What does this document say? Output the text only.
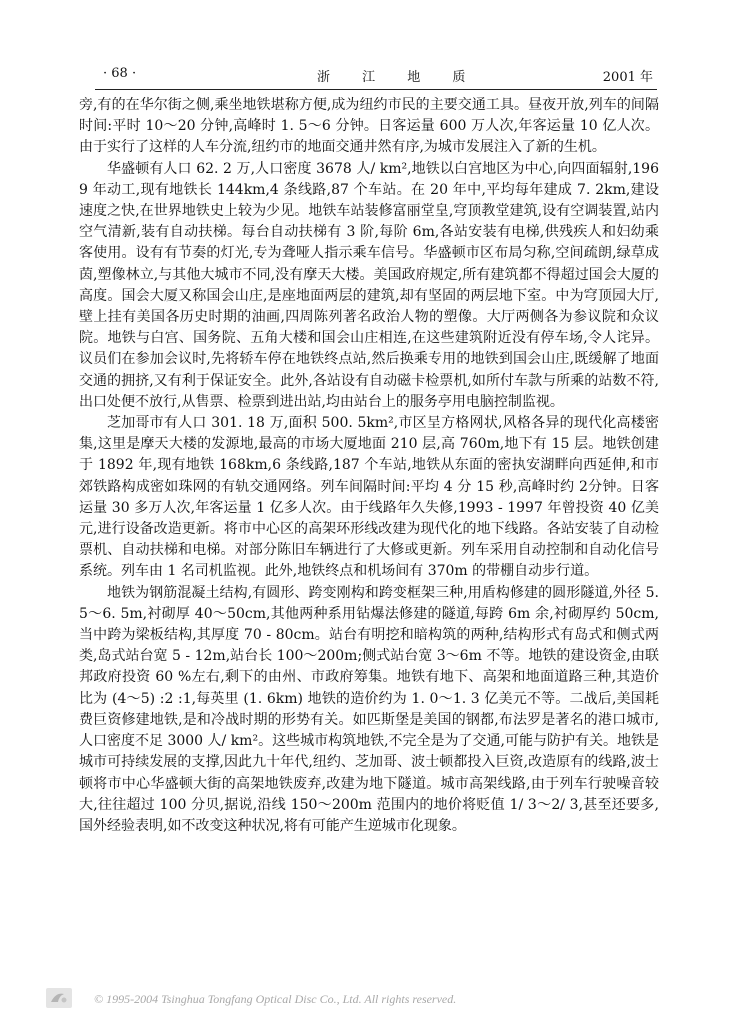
· 68 ·	浙 江 地 质	2001 年

旁,有的在华尔街之侧,乘坐地铁堪称方便,成为纽约市民的主要交通工具。昼夜开放,列车的间隔时间:平时 10～20 分钟,高峰时 1. 5～6 分钟。日客运量 600 万人次,年客运量 10 亿人次。由于实行了这样的人车分流,纽约市的地面交通井然有序,为城市发展注入了新的生机。

华盛顿有人口 62. 2 万,人口密度 3678 人/ km²,地铁以白宫地区为中心,向四面辐射,1969 年动工,现有地铁长 144km,4 条线路,87 个车站。在 20 年中,平均每年建成 7. 2km,建设速度之快,在世界地铁史上较为少见。地铁车站装修富丽堂皇,穹顶教堂建筑,设有空调装置,站内空气清新,装有自动扶梯。每台自动扶梯有 3 阶,每阶 6m,各站安装有电梯,供残疾人和妇幼乘客使用。设有有节奏的灯光,专为聋哑人指示乘车信号。华盛顿市区布局匀称,空间疏朗,绿草成茵,塑像林立,与其他大城市不同,没有摩天大楼。美国政府规定,所有建筑都不得超过国会大厦的高度。国会大厦又称国会山庄,是座地面两层的建筑,却有坚固的两层地下室。中为穹顶园大厅,壁上挂有美国各历史时期的油画,四周陈列著名政治人物的塑像。大厅两侧各为参议院和众议院。地铁与白宫、国务院、五角大楼和国会山庄相连,在这些建筑附近没有停车场,令人诧异。议员们在参加会议时,先将轿车停在地铁终点站,然后换乘专用的地铁到国会山庄,既缓解了地面交通的拥挤,又有利于保证安全。此外,各站设有自动磁卡检票机,如所付车款与所乘的站数不符,出口处便不放行,从售票、检票到进出站,均由站台上的服务亭用电脑控制监视。

芝加哥市有人口 301. 18 万,面积 500. 5km²,市区呈方格网状,风格各异的现代化高楼密集,这里是摩天大楼的发源地,最高的市场大厦地面 210 层,高 760m,地下有 15 层。地铁创建于 1892 年,现有地铁 168km,6 条线路,187 个车站,地铁从东面的密执安湖畔向西延伸,和市郊铁路构成密如珠网的有轨交通网络。列车间隔时间:平均 4 分 15 秒,高峰时约 2分钟。日客运量 30 多万人次,年客运量 1 亿多人次。由于线路年久失修,1993 - 1997 年曾投资 40 亿美元,进行设备改造更新。将市中心区的高架环形线改建为现代化的地下线路。各站安装了自动检票机、自动扶梯和电梯。对部分陈旧车辆进行了大修或更新。列车采用自动控制和自动化信号系统。列车由 1 名司机监视。此外,地铁终点和机场间有 370m 的带棚自动步行道。

地铁为钢筋混凝土结构,有圆形、跨变刚构和跨变框架三种,用盾构修建的圆形隧道,外径 5. 5～6. 5m,衬砌厚 40～50cm,其他两种系用钻爆法修建的隧道,每跨 6m 余,衬砌厚约 50cm,当中跨为梁板结构,其厚度 70 - 80cm。站台有明挖和暗构筑的两种,结构形式有岛式和侧式两类,岛式站台宽 5 - 12m,站台长 100～200m;侧式站台宽 3～6m 不等。地铁的建设资金,由联邦政府投资 60 %左右,剩下的由州、市政府筹集。地铁有地下、高架和地面道路三种,其造价比为 (4～5) :2 :1,每英里 (1. 6km) 地铁的造价约为 1. 0～1. 3 亿美元不等。二战后,美国耗费巨资修建地铁,是和冷战时期的形势有关。如匹斯堡是美国的钢都,布法罗是著名的港口城市,人口密度不足 3000 人/ km²。这些城市构筑地铁,不完全是为了交通,可能与防护有关。地铁是城市可持续发展的支撑,因此九十年代,纽约、芝加哥、波士顿都投入巨资,改造原有的线路,波士顿将市中心华盛顿大街的高架地铁废弃,改建为地下隧道。城市高架线路,由于列车行驶噪音较大,往往超过 100 分贝,据说,沿线 150～200m 范围内的地价将贬值 1/ 3～2/ 3,甚至还要多,国外经验表明,如不改变这种状况,将有可能产生逆城市化现象。

© 1995-2004 Tsinghua Tongfang Optical Disc Co., Ltd. All rights reserved.
